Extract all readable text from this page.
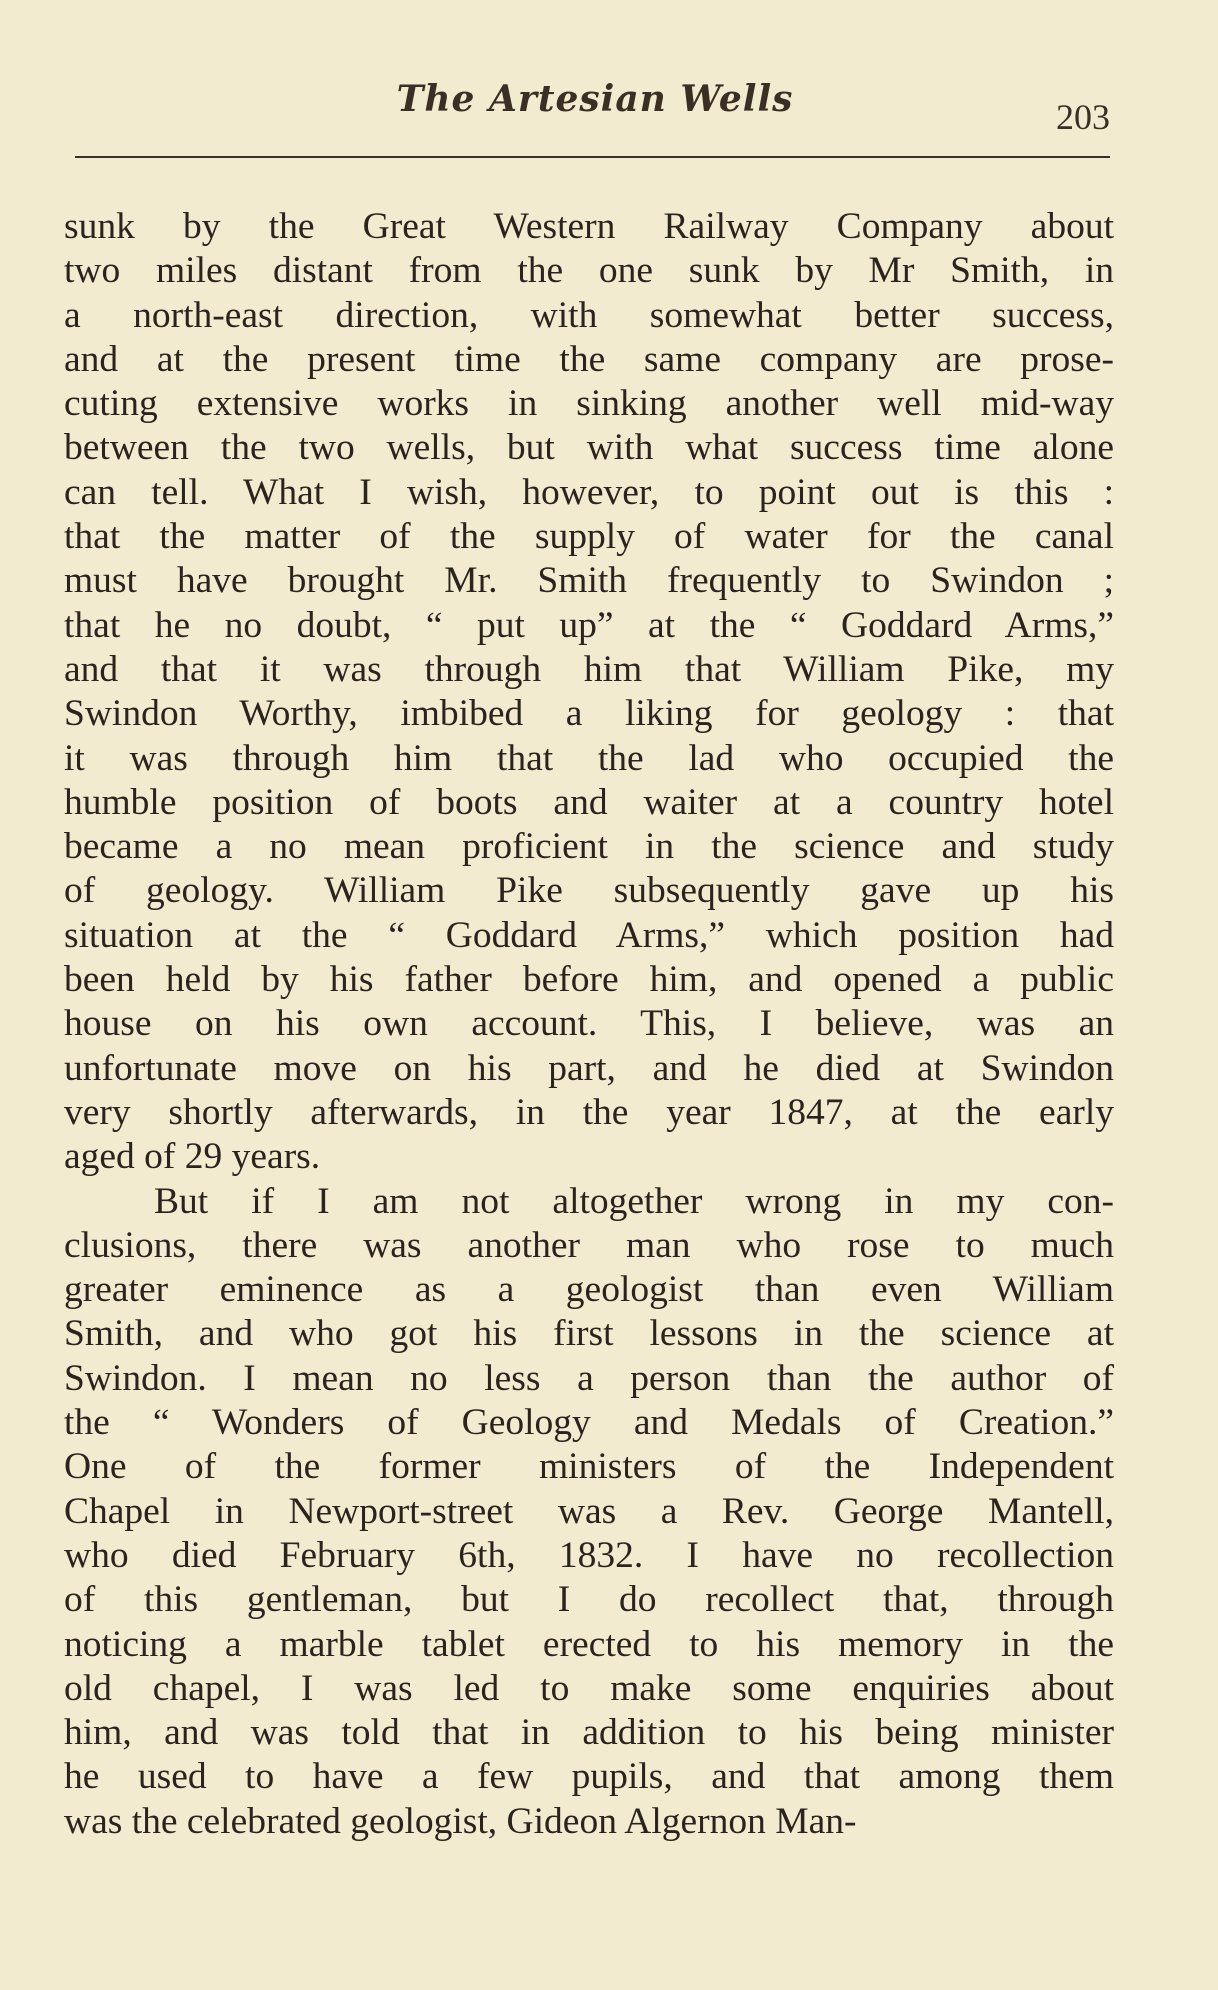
The Artesian Wells	203
sunk by the Great Western Railway Company about
two miles distant from the one sunk by Mr Smith, in
a north-east direction, with somewhat better success,
and at the present time the same company are prose-
cuting extensive works in sinking another well mid-way
between the two wells, but with what success time alone
can tell. What I wish, however, to point out is this :
that the matter of the supply of water for the canal
must have brought Mr. Smith frequently to Swindon ;
that he no doubt, “ put up” at the “ Goddard Arms,”
and that it was through him that William Pike, my
Swindon Worthy, imbibed a liking for geology : that
it was through him that the lad who occupied the
humble position of boots and waiter at a country hotel
became a no mean proficient in the science and study
of geology. William Pike subsequently gave up his
situation at the “ Goddard Arms,” which position had
been held by his father before him, and opened a public
house on his own account. This, I believe, was an
unfortunate move on his part, and he died at Swindon
very shortly afterwards, in the year 1847, at the early
aged of 29 years.
But if I am not altogether wrong in my con-
clusions, there was another man who rose to much
greater eminence as a geologist than even William
Smith, and who got his first lessons in the science at
Swindon. I mean no less a person than the author of
the “ Wonders of Geology and Medals of Creation.”
One of the former ministers of the Independent
Chapel in Newport-street was a Rev. George Mantell,
who died February 6th, 1832. I have no recollection
of this gentleman, but I do recollect that, through
noticing a marble tablet erected to his memory in the
old chapel, I was led to make some enquiries about
him, and was told that in addition to his being minister
he used to have a few pupils, and that among them
was the celebrated geologist, Gideon Algernon Man-
